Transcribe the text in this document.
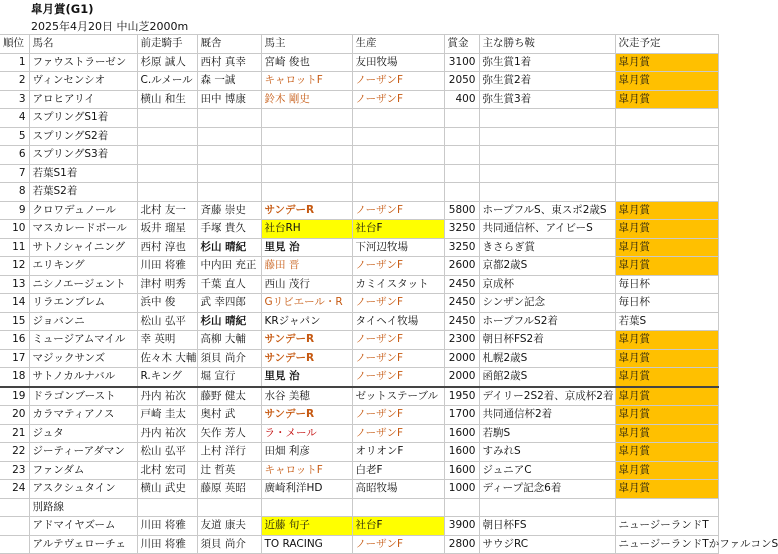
皐月賞(G1)
2025年4月20日 中山芝2000m
順位	馬名	前走騎手	厩舎	馬主	生産	賞金	主な勝ち鞍	次走予定
1	ファウストラーゼン	杉原 誠人	西村 真幸	宮崎 俊也	友田牧場	3100	弥生賞1着	皐月賞
2	ヴィンセンシオ	C.ルメール	森 一誠	キャロットF	ノーザンF	2050	弥生賞2着	皐月賞
3	アロヒアリイ	横山 和生	田中 博康	鈴木 剛史	ノーザンF	400	弥生賞3着	皐月賞
4	スプリングS1着							
5	スプリングS2着							
6	スプリングS3着							
7	若葉S1着							
8	若葉S2着							
9	クロワデュノール	北村 友一	斉藤 崇史	サンデーR	ノーザンF	5800	ホープフルS、東スポ2歳S	皐月賞
10	マスカレードボール	坂井 瑠星	手塚 貴久	社台RH	社台F	3250	共同通信杯、アイビーS	皐月賞
11	サトノシャイニング	西村 淳也	杉山 晴紀	里見 治	下河辺牧場	3250	きさらぎ賞	皐月賞
12	エリキング	川田 将雅	中内田 充正	藤田 晋	ノーザンF	2600	京都2歳S	皐月賞
13	ニシノエージェント	津村 明秀	千葉 直人	西山 茂行	カミイスタット	2450	京成杯	毎日杯
14	リラエンブレム	浜中 俊	武 幸四郎	Gリビエール・R	ノーザンF	2450	シンザン記念	毎日杯
15	ジョバンニ	松山 弘平	杉山 晴紀	KRジャパン	タイヘイ牧場	2450	ホープフルS2着	若葉S
16	ミュージアムマイル	幸 英明	高柳 大輔	サンデーR	ノーザンF	2300	朝日杯FS2着	皐月賞
17	マジックサンズ	佐々木 大輔	須貝 尚介	サンデーR	ノーザンF	2000	札幌2歳S	皐月賞
18	サトノカルナバル	R.キング	堀 宣行	里見 治	ノーザンF	2000	函館2歳S	皐月賞
19	ドラゴンブースト	丹内 祐次	藤野 健太	水谷 美穂	ゼットステーブル	1950	デイリー2S2着、京成杯2着	皐月賞
20	カラマティアノス	戸崎 圭太	奥村 武	サンデーR	ノーザンF	1700	共同通信杯2着	皐月賞
21	ジュタ	丹内 祐次	矢作 芳人	ラ・メール	ノーザンF	1600	若駒S	皐月賞
22	ジーティーアダマン	松山 弘平	上村 洋行	田畑 利彦	オリオンF	1600	すみれS	皐月賞
23	ファンダム	北村 宏司	辻 哲英	キャロットF	白老F	1600	ジュニアC	皐月賞
24	アスクシュタイン	横山 武史	藤原 英昭	廣崎利洋HD	高昭牧場	1000	ディープ記念6着	皐月賞
	別路線							
	アドマイヤズーム	川田 将雅	友道 康夫	近藤 旬子	社台F	3900	朝日杯FS	ニュージーランドT
	アルテヴェローチェ	川田 将雅	須貝 尚介	TO RACING	ノーザンF	2800	サウジRC	ニュージーランドTかファルコンS
